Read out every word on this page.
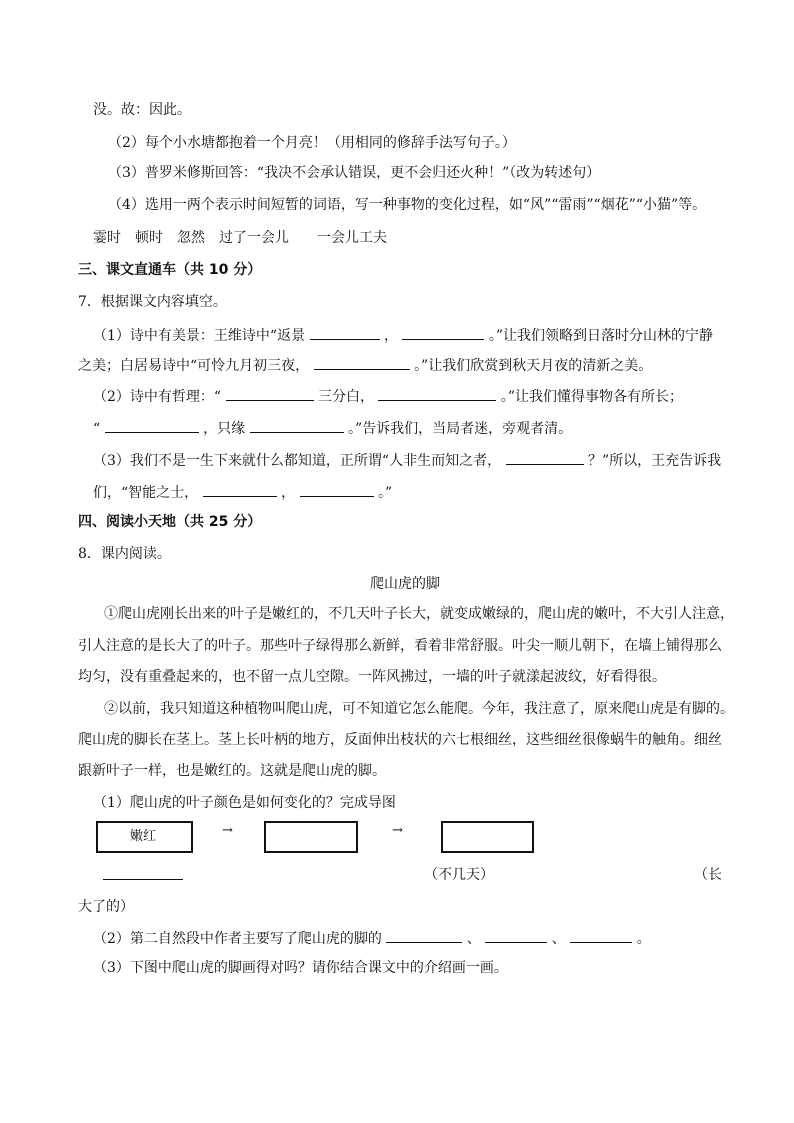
没。故：因此。
（2）每个小水塘都抱着一个月亮！（用相同的修辞手法写句子。）
（3）普罗米修斯回答：“我决不会承认错误，更不会归还火种！”（改为转述句）
（4）选用一两个表示时间短暂的词语，写一种事物的变化过程，如“风”“雷雨”“烟花”“小猫”等。
霎时　顿时　忽然　过了一会儿　　一会儿工夫
三、课文直通车（共 10 分）
7．根据课文内容填空。
（1）诗中有美景：王维诗中“返景	，	。”让我们领略到日落时分山林的宁静
之美；白居易诗中“可怜九月初三夜，	。”让我们欣赏到秋天月夜的清新之美。
（2）诗中有哲理：“	三分白，	。”让我们懂得事物各有所长；
“	，只缘	。”告诉我们，当局者迷，旁观者清。
（3）我们不是一生下来就什么都知道，正所谓“人非生而知之者，	？”所以，王充告诉我
们，“智能之士，	，	。”
四、阅读小天地（共 25 分）
8．课内阅读。
爬山虎的脚
①爬山虎刚长出来的叶子是嫩红的，不几天叶子长大，就变成嫩绿的，爬山虎的嫩叶，不大引人注意，
引人注意的是长大了的叶子。那些叶子绿得那么新鲜，看着非常舒服。叶尖一顺儿朝下，在墙上铺得那么
均匀，没有重叠起来的，也不留一点儿空隙。一阵风拂过，一墙的叶子就漾起波纹，好看得很。
②以前，我只知道这种植物叫爬山虎，可不知道它怎么能爬。今年，我注意了，原来爬山虎是有脚的。
爬山虎的脚长在茎上。茎上长叶柄的地方，反面伸出枝状的六七根细丝，这些细丝很像蜗牛的触角。细丝
跟新叶子一样，也是嫩红的。这就是爬山虎的脚。
（1）爬山虎的叶子颜色是如何变化的？完成导图
嫩红	→	→
（不几天）	（长
大了的）
（2）第二自然段中作者主要写了爬山虎的脚的	、	、	。
（3）下图中爬山虎的脚画得对吗？请你结合课文中的介绍画一画。
